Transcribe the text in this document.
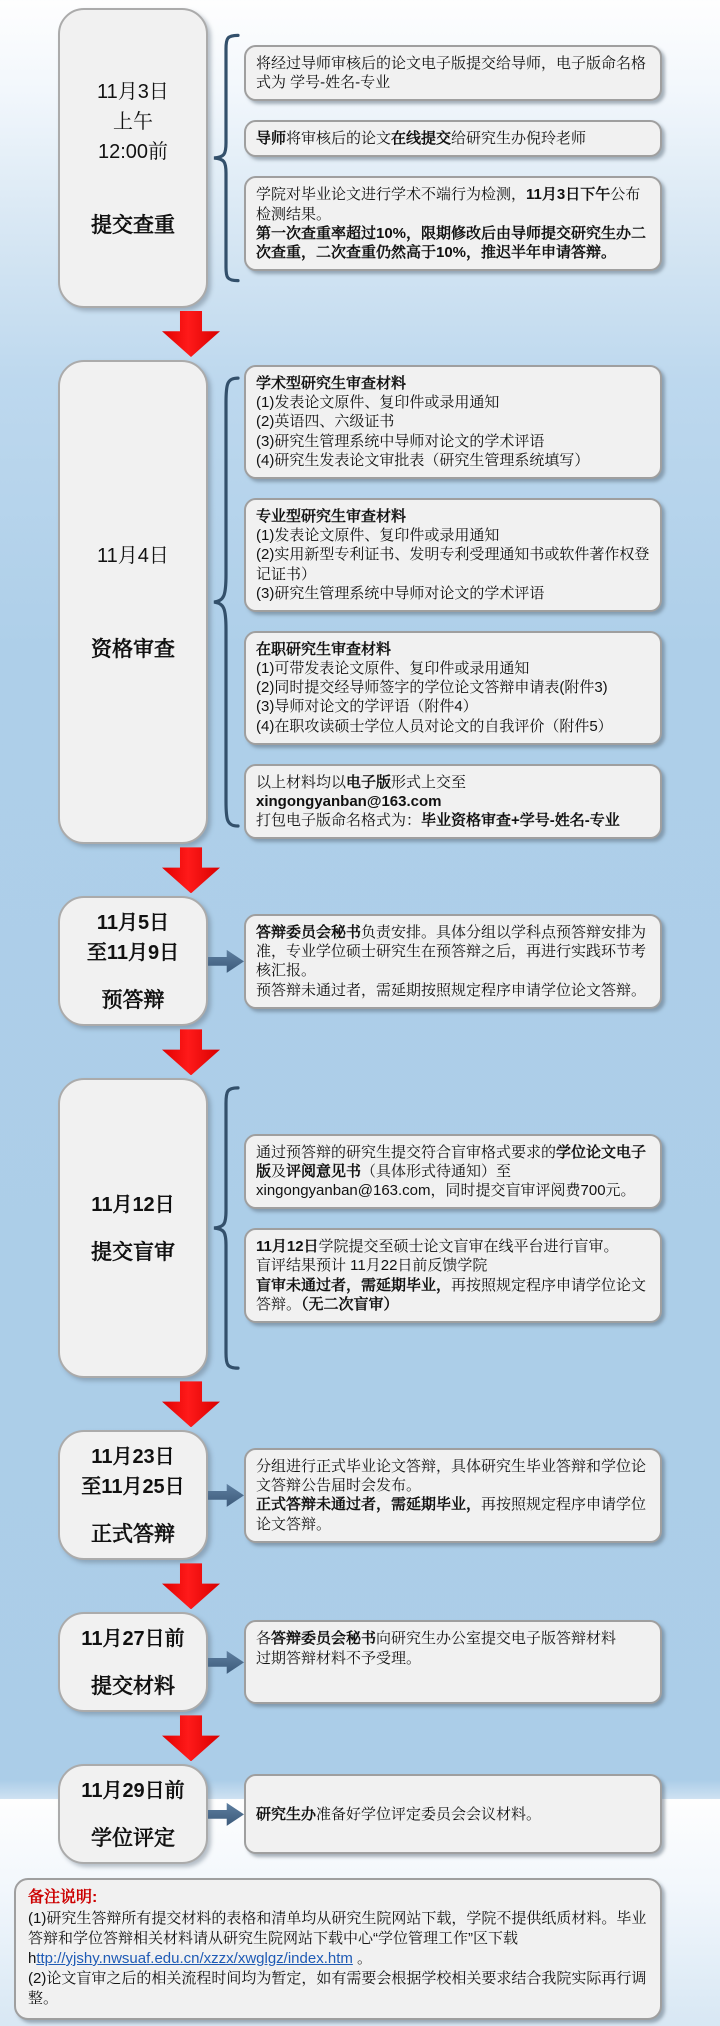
11月3日
上午
12:00前
提交查重
将经过导师审核后的论文电子版提交给导师，电子版命名格式为 学号-姓名-专业
导师将审核后的论文在线提交给研究生办倪玲老师
学院对毕业论文进行学术不端行为检测，11月3日下午公布检测结果。
第一次查重率超过10%，限期修改后由导师提交研究生办二次查重，二次查重仍然高于10%，推迟半年申请答辩。
11月4日
资格审查
学术型研究生审查材料
(1)发表论文原件、复印件或录用通知
(2)英语四、六级证书
(3)研究生管理系统中导师对论文的学术评语
(4)研究生发表论文审批表（研究生管理系统填写）
专业型研究生审查材料
(1)发表论文原件、复印件或录用通知
(2)实用新型专利证书、发明专利受理通知书或软件著作权登记证书）
(3)研究生管理系统中导师对论文的学术评语
在职研究生审查材料
(1)可带发表论文原件、复印件或录用通知
(2)同时提交经导师签字的学位论文答辩申请表(附件3)
(3)导师对论文的学评语（附件4）
(4)在职攻读硕士学位人员对论文的自我评价（附件5）
以上材料均以电子版形式上交至xingongyanban@163.com
打包电子版命名格式为：毕业资格审查+学号-姓名-专业
11月5日
至11月9日
预答辩
答辩委员会秘书负责安排。具体分组以学科点预答辩安排为准，专业学位硕士研究生在预答辩之后，再进行实践环节考核汇报。
预答辩未通过者，需延期按照规定程序申请学位论文答辩。
11月12日
提交盲审
通过预答辩的研究生提交符合盲审格式要求的学位论文电子版及评阅意见书（具体形式待通知）至 xingongyanban@163.com，同时提交盲审评阅费700元。
11月12日学院提交至硕士论文盲审在线平台进行盲审。
盲评结果预计 11月22日前反馈学院
盲审未通过者，需延期毕业，再按照规定程序申请学位论文答辩。（无二次盲审）
11月23日
至11月25日
正式答辩
分组进行正式毕业论文答辩，具体研究生毕业答辩和学位论文答辩公告届时会发布。
正式答辩未通过者，需延期毕业，再按照规定程序申请学位论文答辩。
11月27日前
提交材料
各答辩委员会秘书向研究生办公室提交电子版答辩材料
过期答辩材料不予受理。
11月29日前
学位评定
研究生办 准备好学位评定委员会会议材料。
备注说明:
(1)研究生答辩所有提交材料的表格和清单均从研究生院网站下载，学院不提供纸质材料。毕业答辩和学位答辩相关材料请从研究生院网站下载中心“学位管理工作”区下载
http://yjshy.nwsuaf.edu.cn/xzzx/xwglgz/index.htm 。
(2)论文盲审之后的相关流程时间均为暂定，如有需要会根据学校相关要求结合我院实际再行调整。
